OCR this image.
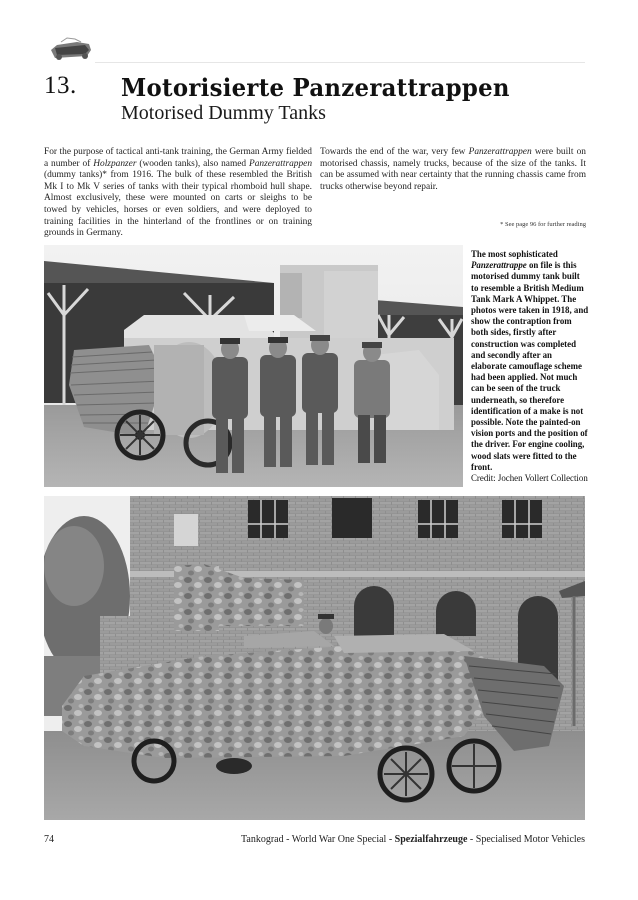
13. Motorisierte Panzerattrappen
Motorised Dummy Tanks
For the purpose of tactical anti-tank training, the German Army fielded a number of Holzpanzer (wooden tanks), also named Panzerattrappen (dummy tanks)* from 1916. The bulk of these resembled the British Mk I to Mk V series of tanks with their typical rhomboid hull shape. Almost exclusively, these were mounted on carts or sleighs to be towed by vehicles, horses or even soldiers, and were deployed to training facilities in the hinterland of the frontlines or on training grounds in Germany.
Towards the end of the war, very few Panzerattrappen were built on motorised chassis, namely trucks, because of the size of the tanks. It can be assumed with near certainty that the running chassis came from trucks otherwise beyond repair.
* See page 96 for further reading
The most sophisticated Panzerattrappe on file is this motorised dummy tank built to resemble a British Medium Tank Mark A Whippet. The photos were taken in 1918, and show the contraption from both sides, firstly after construction was completed and secondly after an elaborate camouflage scheme had been applied. Not much can be seen of the truck underneath, so therefore identification of a make is not possible. Note the painted-on vision ports and the position of the driver. For engine cooling, wood slats were fitted to the front.
Credit: Jochen Vollert Collection
74	Tankograd - World War One Special - Spezialfahrzeuge - Specialised Motor Vehicles
